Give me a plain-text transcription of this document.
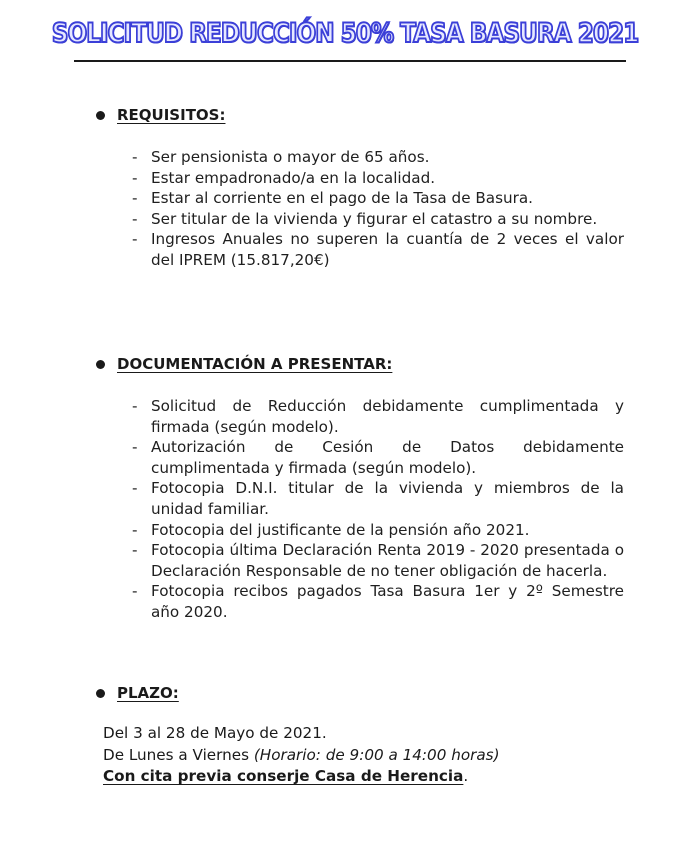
SOLICITUD REDUCCIÓN 50% TASA BASURA 2021
REQUISITOS:
- Ser pensionista o mayor de 65 años.
- Estar empadronado/a en la localidad.
- Estar al corriente en el pago de la Tasa de Basura.
- Ser titular de la vivienda y figurar el catastro a su nombre.
- Ingresos Anuales no superen la cuantía de 2 veces el valor del IPREM (15.817,20€)
DOCUMENTACIÓN A PRESENTAR:
- Solicitud de Reducción debidamente cumplimentada y firmada (según modelo).
- Autorización de Cesión de Datos debidamente cumplimentada y firmada (según modelo).
- Fotocopia D.N.I. titular de la vivienda y miembros de la unidad familiar.
- Fotocopia del justificante de la pensión año 2021.
- Fotocopia última Declaración Renta 2019 - 2020 presentada o Declaración Responsable de no tener obligación de hacerla.
- Fotocopia recibos pagados Tasa Basura 1er y 2º Semestre año 2020.
PLAZO:
Del 3 al 28 de Mayo de 2021.
De Lunes a Viernes (Horario: de 9:00 a 14:00 horas)
Con cita previa conserje Casa de Herencia.
